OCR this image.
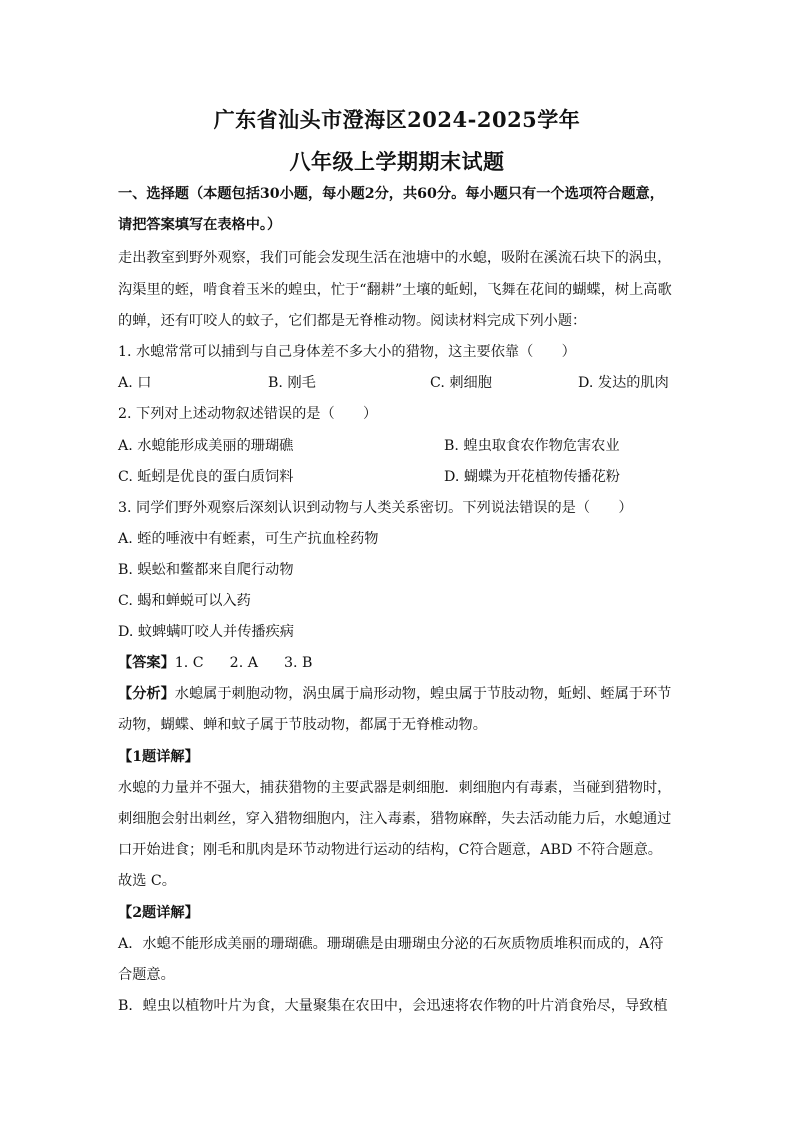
广东省汕头市澄海区2024-2025学年
八年级上学期期末试题
一、选择题（本题包括30小题，每小题2分，共60分。每小题只有一个选项符合题意，
请把答案填写在表格中。）
走出教室到野外观察，我们可能会发现生活在池塘中的水螅，吸附在溪流石块下的涡虫，
沟渠里的蛭，啃食着玉米的蝗虫，忙于“翻耕”土壤的蚯蚓，飞舞在花间的蝴蝶，树上高歌
的蝉，还有叮咬人的蚊子，它们都是无脊椎动物。阅读材料完成下列小题：
1. 水螅常常可以捕到与自己身体差不多大小的猎物，这主要依靠（　　）
A. 口	B. 刚毛	C. 刺细胞	D. 发达的肌肉
2. 下列对上述动物叙述错误的是（　　）
A. 水螅能形成美丽的珊瑚礁	B. 蝗虫取食农作物危害农业
C. 蚯蚓是优良的蛋白质饲料	D. 蝴蝶为开花植物传播花粉
3. 同学们野外观察后深刻认识到动物与人类关系密切。下列说法错误的是（　　）
A. 蛭的唾液中有蛭素，可生产抗血栓药物
B. 蜈蚣和鳖都来自爬行动物
C. 蝎和蝉蜕可以入药
D. 蚊蜱螨叮咬人并传播疾病
【答案】1. C 2. A 3. B
【分析】水螅属于刺胞动物，涡虫属于扁形动物，蝗虫属于节肢动物，蚯蚓、蛭属于环节
动物，蝴蝶、蝉和蚊子属于节肢动物，都属于无脊椎动物。
【1题详解】
水螅的力量并不强大，捕获猎物的主要武器是刺细胞．刺细胞内有毒素，当碰到猎物时，
刺细胞会射出刺丝，穿入猎物细胞内，注入毒素，猎物麻醉，失去活动能力后，水螅通过
口开始进食；刚毛和肌肉是环节动物进行运动的结构，C符合题意，ABD 不符合题意。
故选 C。
【2题详解】
A．水螅不能形成美丽的珊瑚礁。珊瑚礁是由珊瑚虫分泌的石灰质物质堆积而成的，A符
合题意。
B．蝗虫以植物叶片为食，大量聚集在农田中，会迅速将农作物的叶片消食殆尽，导致植
